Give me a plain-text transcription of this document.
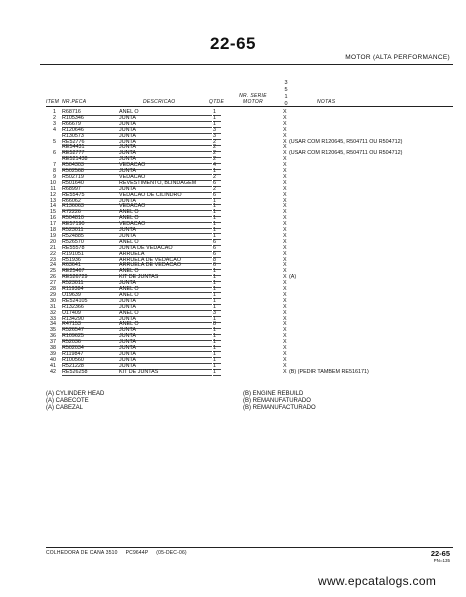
22-65
MOTOR (ALTA PERFORMANCE)
ITEM NR.PECA	DESCRICAO	QTDE
NR. SERIE MOTOR	NOTAS
3
5
1
0
1 R68716	ANEL O	1	X
2 R105346	JUNTA	1	X
3 R66679	JUNTA	1	X
4 R120646	JUNTA	3	X
R130573	JUNTA	3	X
5 RE52776	JUNTA	2	X (USAR COM R120645, R504711 OU R504712)
RE54431	JUNTA	2	X
6 RE52777	JUNTA	2	X (USAR COM R120645, R504711 OU R504712)
RE521438	JUNTA	2	X
7 R504303	VEDACAO	4	X
8 R502568	JUNTA	1	X
9 R502719	VEDACAO	2	X
10 R501640	REVESTIMENTO, BLINDAGEM	6	X
11 R68997	JUNTA	2	X
12 RE55475	VEDACAO DE CILINDRO	6	X
13 R66062	JUNTA	1	X
14 R136063	VEDACAO	1	X
15 R72226	ANEL O	1	X
16 R504810	ANEL O	1	X
17 RE57190	VEDACAO	1	X
18 R523011	JUNTA	1	X
19 R524885	JUNTA	1	X
20 R526570	ANEL O	6	X
21 RE55578	JUNTA DE VEDACAO	6	X
22 R191051	ARRUELA	6	X
23 R51936	ARRUELA DE VEDACAO	8	X
24 R63641	ARRUELA DE VEDACAO	6	X
25 RE25467	ANEL O	1	X
26 RE526729	KIT DE JUNTAS	1	X (A)
27 R523011	JUNTA	1	X
28 R119384	ANEL O	1	X
29 U19639	ANEL O	1	X
30 RE524105	JUNTA	1	X
31 R132366	JUNTA	1	X
32 U17409	ANEL O	3	X
33 R134290	JUNTA	1	X
34 R47153	ANEL O	8	X
35 R526547	JUNTA	1	X
36 R109625	JUNTA	1	X
37 R52036	JUNTA	1	X
38 R502034	JUNTA	1	X
39 R119847	JUNTA	1	X
40 R100560	JUNTA	1	X
41 R521228	JUNTA	1	X
42 RE526258	KIT DE JUNTAS	1	X (B) (PEDIR TAMBEM RE516171)
(A) CYLINDER HEAD
(A) CABECOTE
(A) CABEZAL
(B) ENGINE REBUILD
(B) REMANUFATURADO
(B) REMANUFACTURADO
COLHEDORA DE CANA 3510     PC9644P     (05-DEC-06)	22-65
PN=135
www.epcatalogs.com
